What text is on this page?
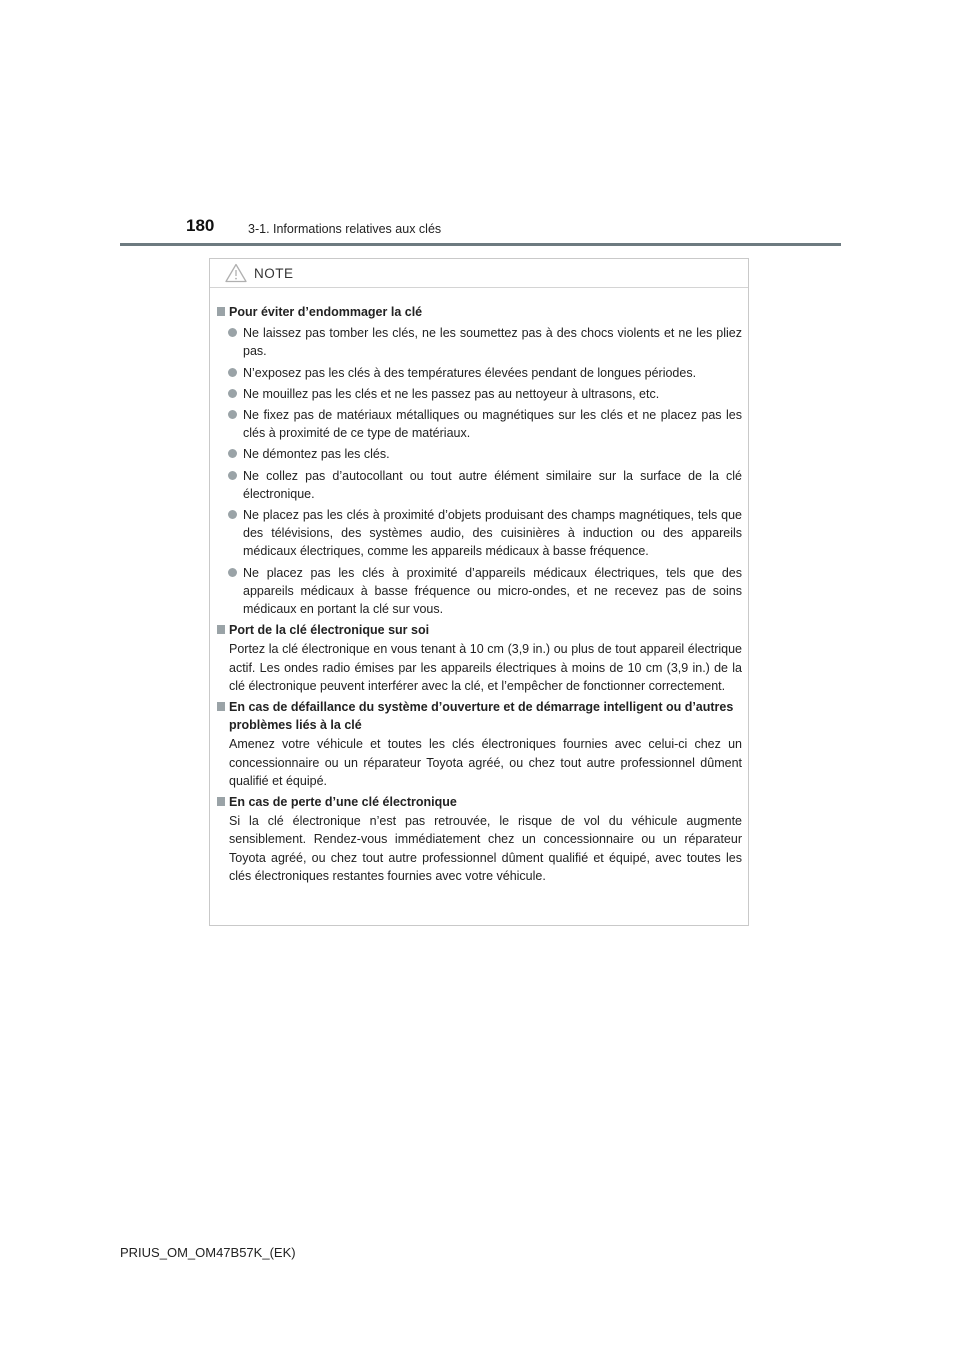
180	3-1. Informations relatives aux clés
NOTE
Pour éviter d’endommager la clé
Ne laissez pas tomber les clés, ne les soumettez pas à des chocs violents et ne les pliez pas.
N’exposez pas les clés à des températures élevées pendant de longues périodes.
Ne mouillez pas les clés et ne les passez pas au nettoyeur à ultrasons, etc.
Ne fixez pas de matériaux métalliques ou magnétiques sur les clés et ne placez pas les clés à proximité de ce type de matériaux.
Ne démontez pas les clés.
Ne collez pas d’autocollant ou tout autre élément similaire sur la surface de la clé électronique.
Ne placez pas les clés à proximité d’objets produisant des champs magnétiques, tels que des télévisions, des systèmes audio, des cuisinières à induction ou des appareils médicaux électriques, comme les appareils médicaux à basse fréquence.
Ne placez pas les clés à proximité d’appareils médicaux électriques, tels que des appareils médicaux à basse fréquence ou micro-ondes, et ne recevez pas de soins médicaux en portant la clé sur vous.
Port de la clé électronique sur soi
Portez la clé électronique en vous tenant à 10 cm (3,9 in.) ou plus de tout appareil électrique actif. Les ondes radio émises par les appareils électriques à moins de 10 cm (3,9 in.) de la clé électronique peuvent interférer avec la clé, et l’empêcher de fonctionner correctement.
En cas de défaillance du système d’ouverture et de démarrage intelligent ou d’autres problèmes liés à la clé
Amenez votre véhicule et toutes les clés électroniques fournies avec celui-ci chez un concessionnaire ou un réparateur Toyota agréé, ou chez tout autre professionnel dûment qualifié et équipé.
En cas de perte d’une clé électronique
Si la clé électronique n’est pas retrouvée, le risque de vol du véhicule augmente sensiblement. Rendez-vous immédiatement chez un concessionnaire ou un réparateur Toyota agréé, ou chez tout autre professionnel dûment qualifié et équipé, avec toutes les clés électroniques restantes fournies avec votre véhicule.
PRIUS_OM_OM47B57K_(EK)
